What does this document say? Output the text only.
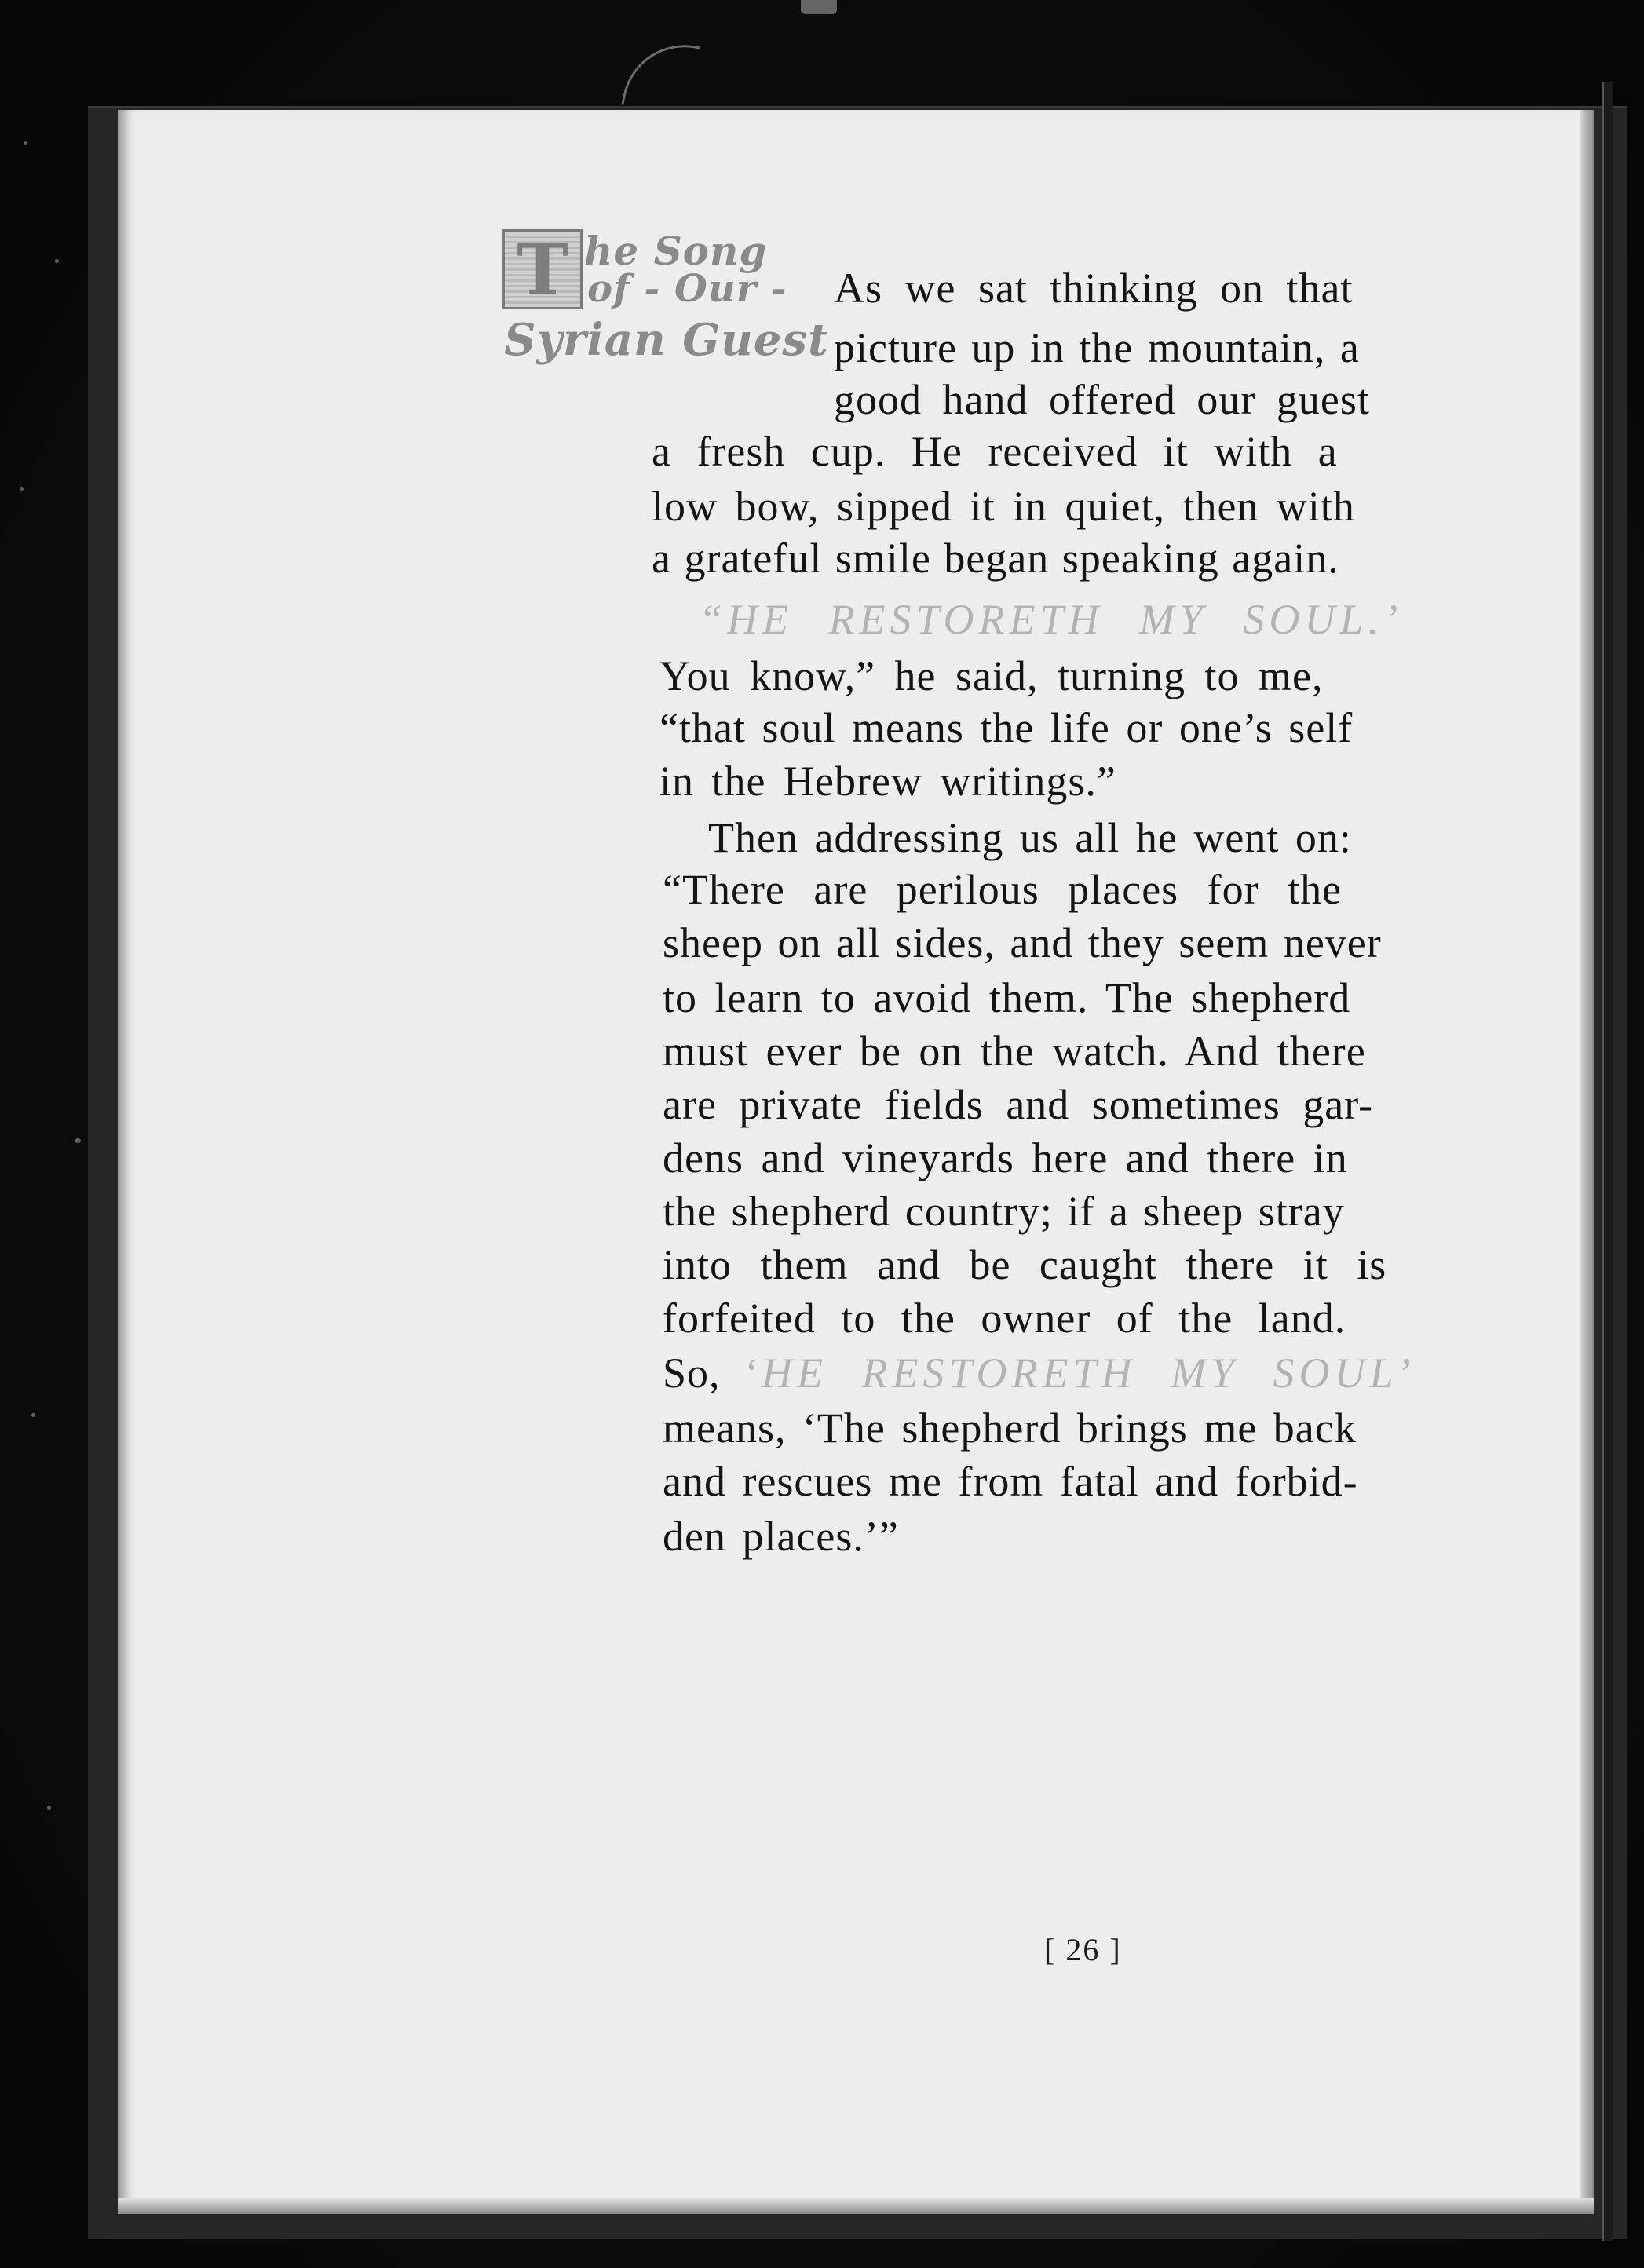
T he Song
of - Our -
Syrian Guest
As we sat thinking on that
picture up in the mountain, a
good hand offered our guest
a fresh cup. He received it with a
low bow, sipped it in quiet, then with
a grateful smile began speaking again.
“HE RESTORETH MY SOUL.’
You know,” he said, turning to me,
“that soul means the life or one’s self
in the Hebrew writings.”
Then addressing us all he went on:
“There are perilous places for the
sheep on all sides, and they seem never
to learn to avoid them. The shepherd
must ever be on the watch. And there
are private fields and sometimes gar-
dens and vineyards here and there in
the shepherd country; if a sheep stray
into them and be caught there it is
forfeited to the owner of the land.
So, ‘HE RESTORETH MY SOUL’
means, ‘The shepherd brings me back
and rescues me from fatal and forbid-
den places.’”
[ 26 ]
